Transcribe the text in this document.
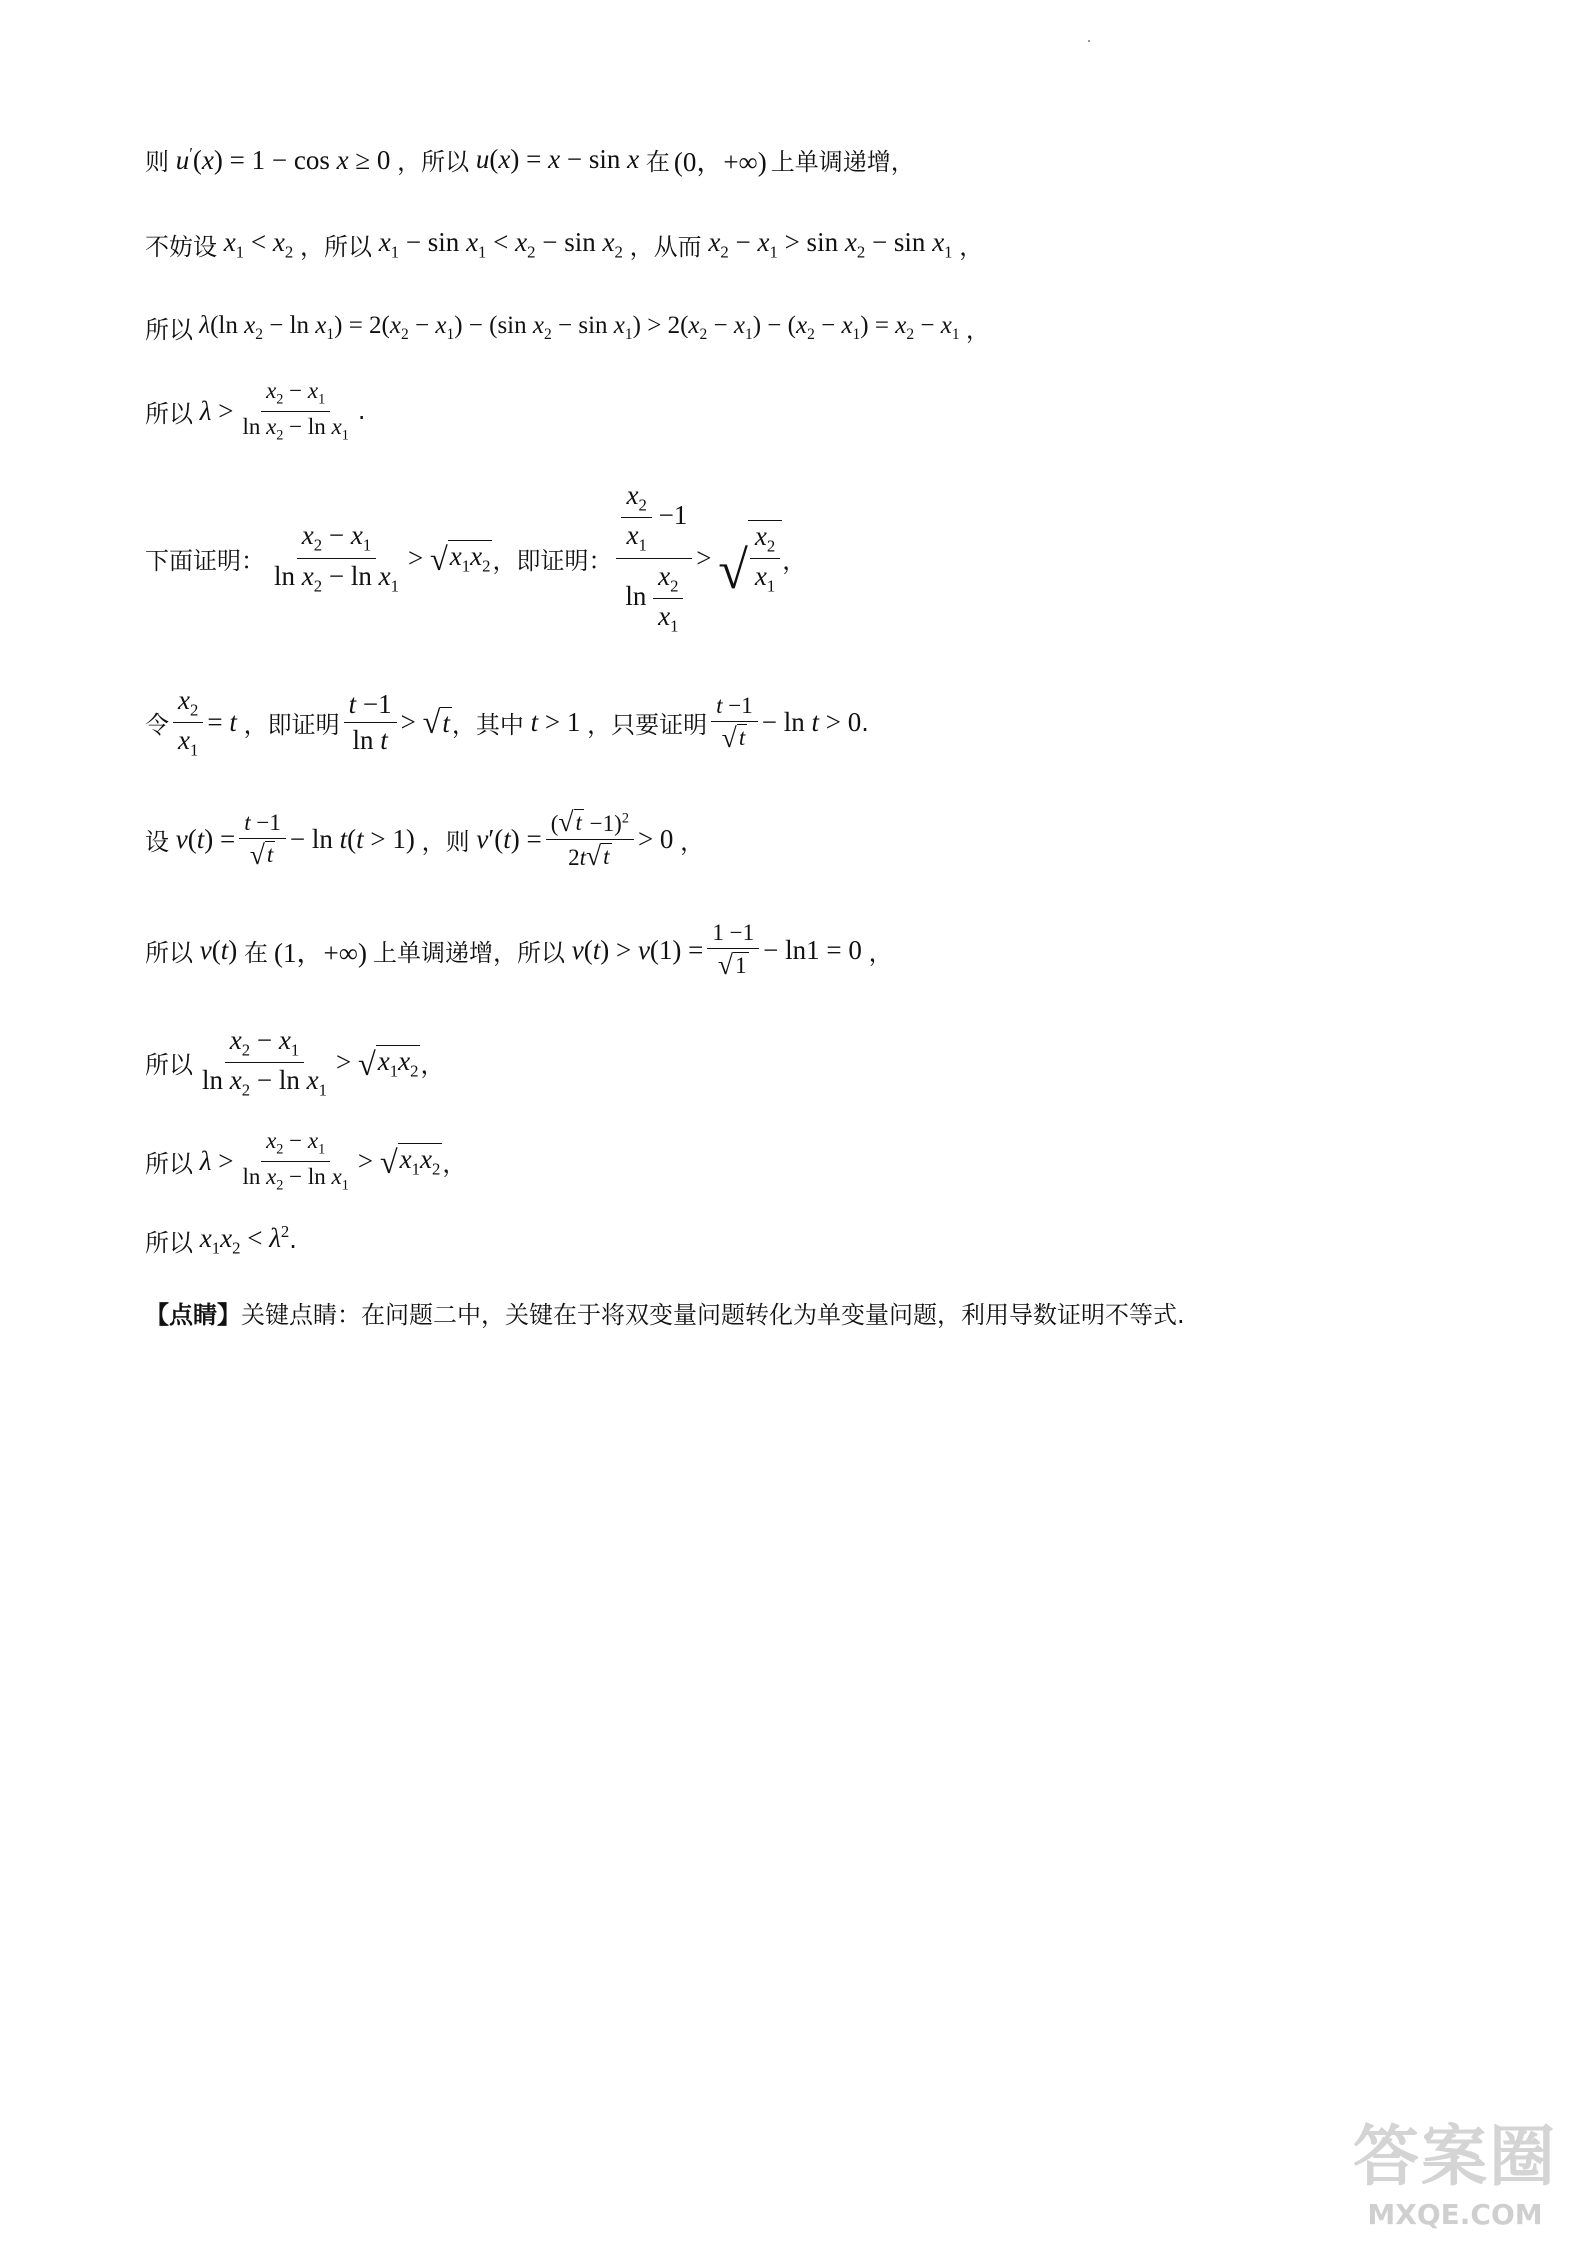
则 u′(x) = 1 − cos x ≥ 0 ，所以 u(x) = x − sin x 在 (0，+∞) 上单调递增，
不妨设 $x_1 < x_2$ ，所以 $x_1 - \sin x_1 < x_2 - \sin x_2$ ，从而 $x_2 - x_1 > \sin x_2 - \sin x_1$ ，
所以 λ(ln $x_2 - \ln x_1) = 2(x_2 - x_1) - (\sin$ $x_2 - \sin x_1) > 2(x_2 - x_1) - (x_2 - x_1) = x_2 - x_1$ ，
所以 $\lambda > \frac{x_2 - x_1}{\ln x_2 - \ln x_1}$ .
下面证明： $\frac{x_2 - x_1}{\ln x_2 - \ln x_1}$ > √ $x_1x_2$ ，即证明： $\frac{\frac{x_2}{x_1} -1}{\ln \frac{x_2}{x_1}}$ > √ $\frac{x_2}{x_1}$ ，
令 $\frac{x_2}{x_1} = t$ ，即证明 $\frac{t -1}{\text{ln t}}$ > √ t ，其中 t > 1 ，只要证明 $\frac{t -1}{√ t} - \ln t > 0$ .
设 $v(t) = \frac{t -1}{√ t} - \ln t(t > 1)$ ，则 $v'(t) = \frac{( √ t -1)^2}{2t √ t} > 0$ ，
所以 v(t) 在 (1，+∞) 上单调递增，所以 $v(t) > v(1) = \frac{1 -1}{√ 1} - \ln 1 = 0$ ，
所以 $\frac{x_2 - x_1}{\ln x_2 - \ln x_1}$ > √ $x_1x_2$ ，
所以 $\lambda > \frac{x_2 - x_1}{\ln x_2 - \ln x_1}$ > √ $x_1x_2$ ，
所以 $x_1x_2 < \lambda^2$ .
【点睛】 关键点睛：在问题二中，关键在于将双变量问题转化为单变量问题，利用导数证明不等式.
答案圈
MXQE.COM
